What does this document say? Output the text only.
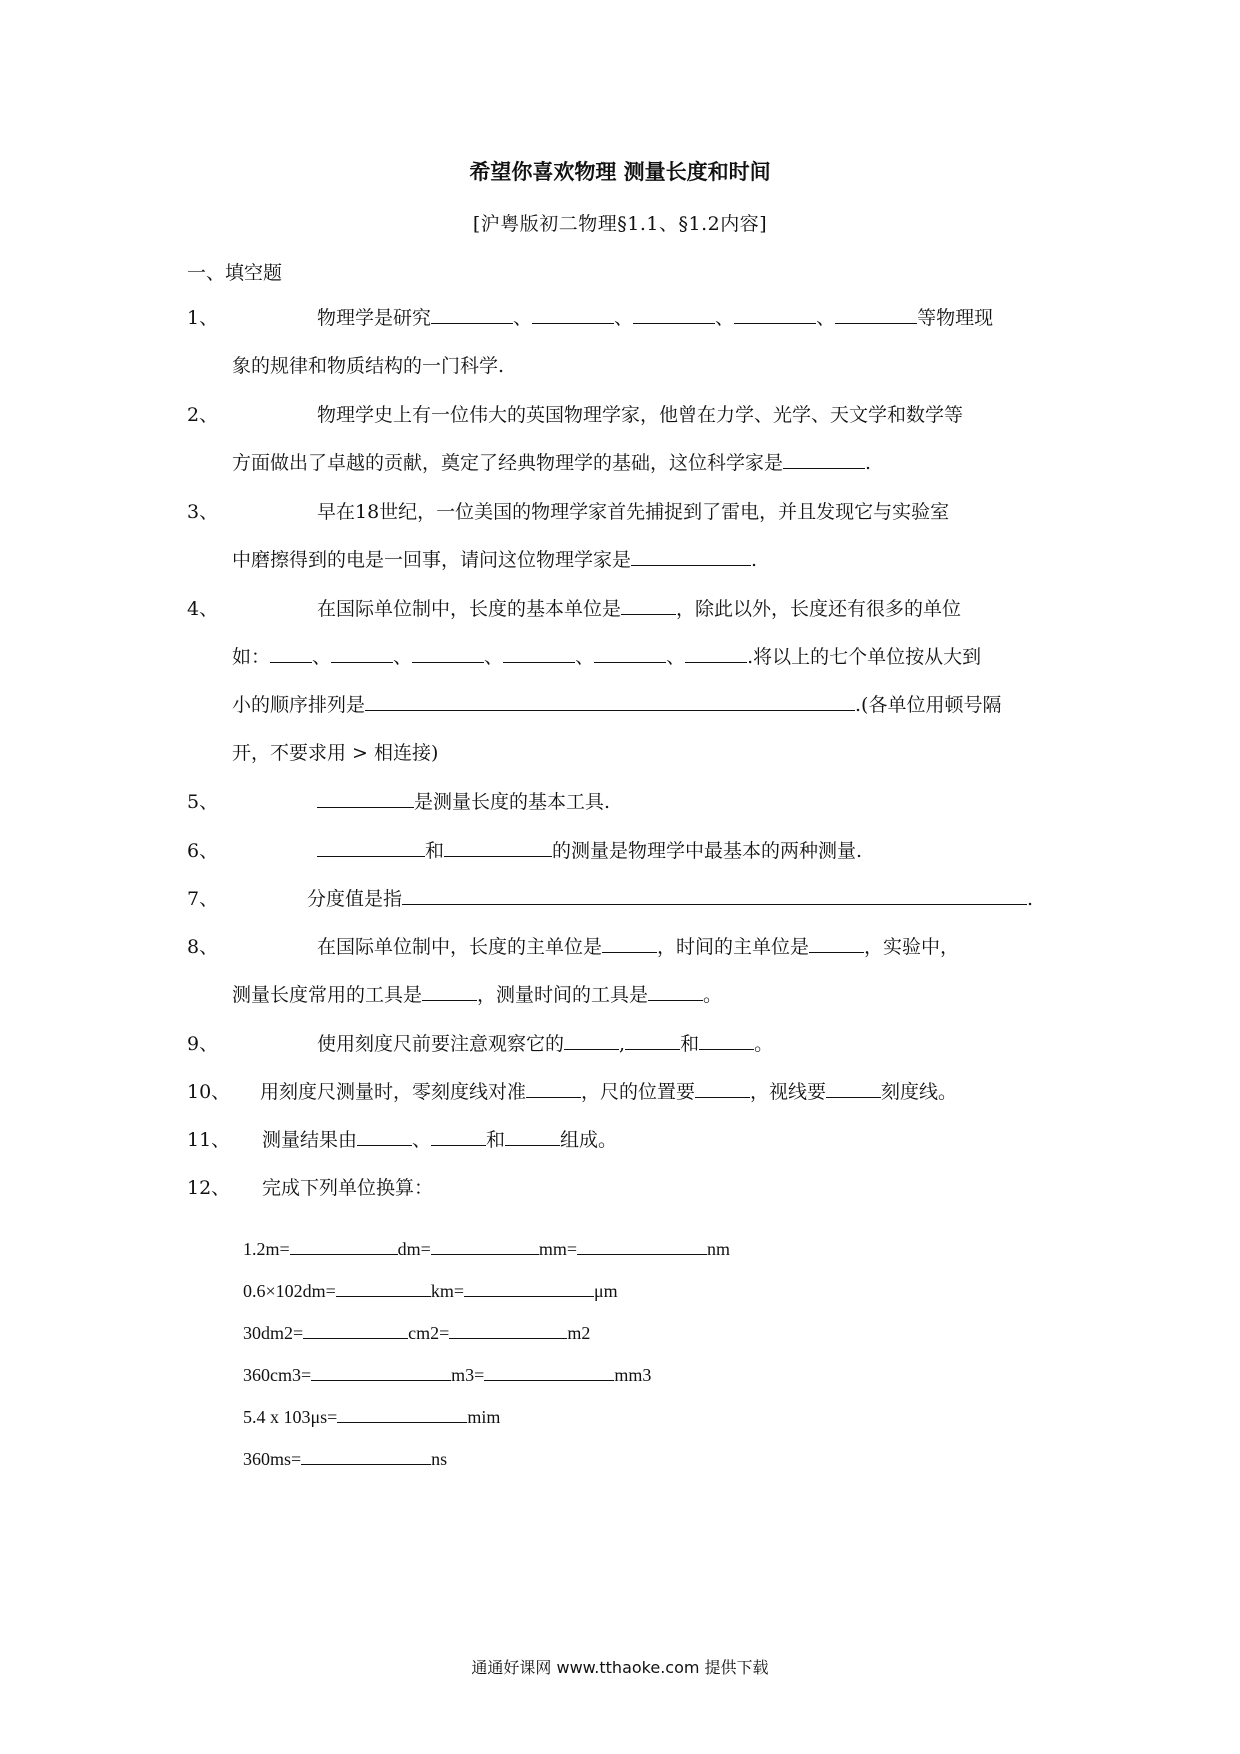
希望你喜欢物理 测量长度和时间
[沪粤版初二物理§1.1、§1.2内容]
一、填空题
1、	物理学是研究	、	、	、	、	等物理现
象的规律和物质结构的一门科学.
2、	物理学史上有一位伟大的英国物理学家，他曾在力学、光学、天文学和数学等
方面做出了卓越的贡献，奠定了经典物理学的基础，这位科学家是	.
3、	早在18世纪，一位美国的物理学家首先捕捉到了雷电，并且发现它与实验室
中磨擦得到的电是一回事，请问这位物理学家是	.
4、	在国际单位制中，长度的基本单位是	，除此以外，长度还有很多的单位
如： 、	、	、	、	、	.将以上的七个单位按从大到
小的顺序排列是	.(各单位用顿号隔
开，不要求用 > 相连接)
5、	是测量长度的基本工具.
6、	和	的测量是物理学中最基本的两种测量.
7、	分度值是指	.
8、	在国际单位制中，长度的主单位是	，时间的主单位是	，实验中，
测量长度常用的工具是	，测量时间的工具是	。
9、	使用刻度尺前要注意观察它的	,	和	。
10、 用刻度尺测量时，零刻度线对准	，尺的位置要	，视线要	刻度线。
11、 测量结果由	、	和	组成。
12、 完成下列单位换算：
1.2m=	dm=	mm=	nm
0.6×102dm=	km=	μm
30dm2=	cm2=	m2
360cm3=	m3=	mm3
5.4 x 103μs=	mim
360ms=	ns
通通好课网 www.tthaoke.com 提供下载
